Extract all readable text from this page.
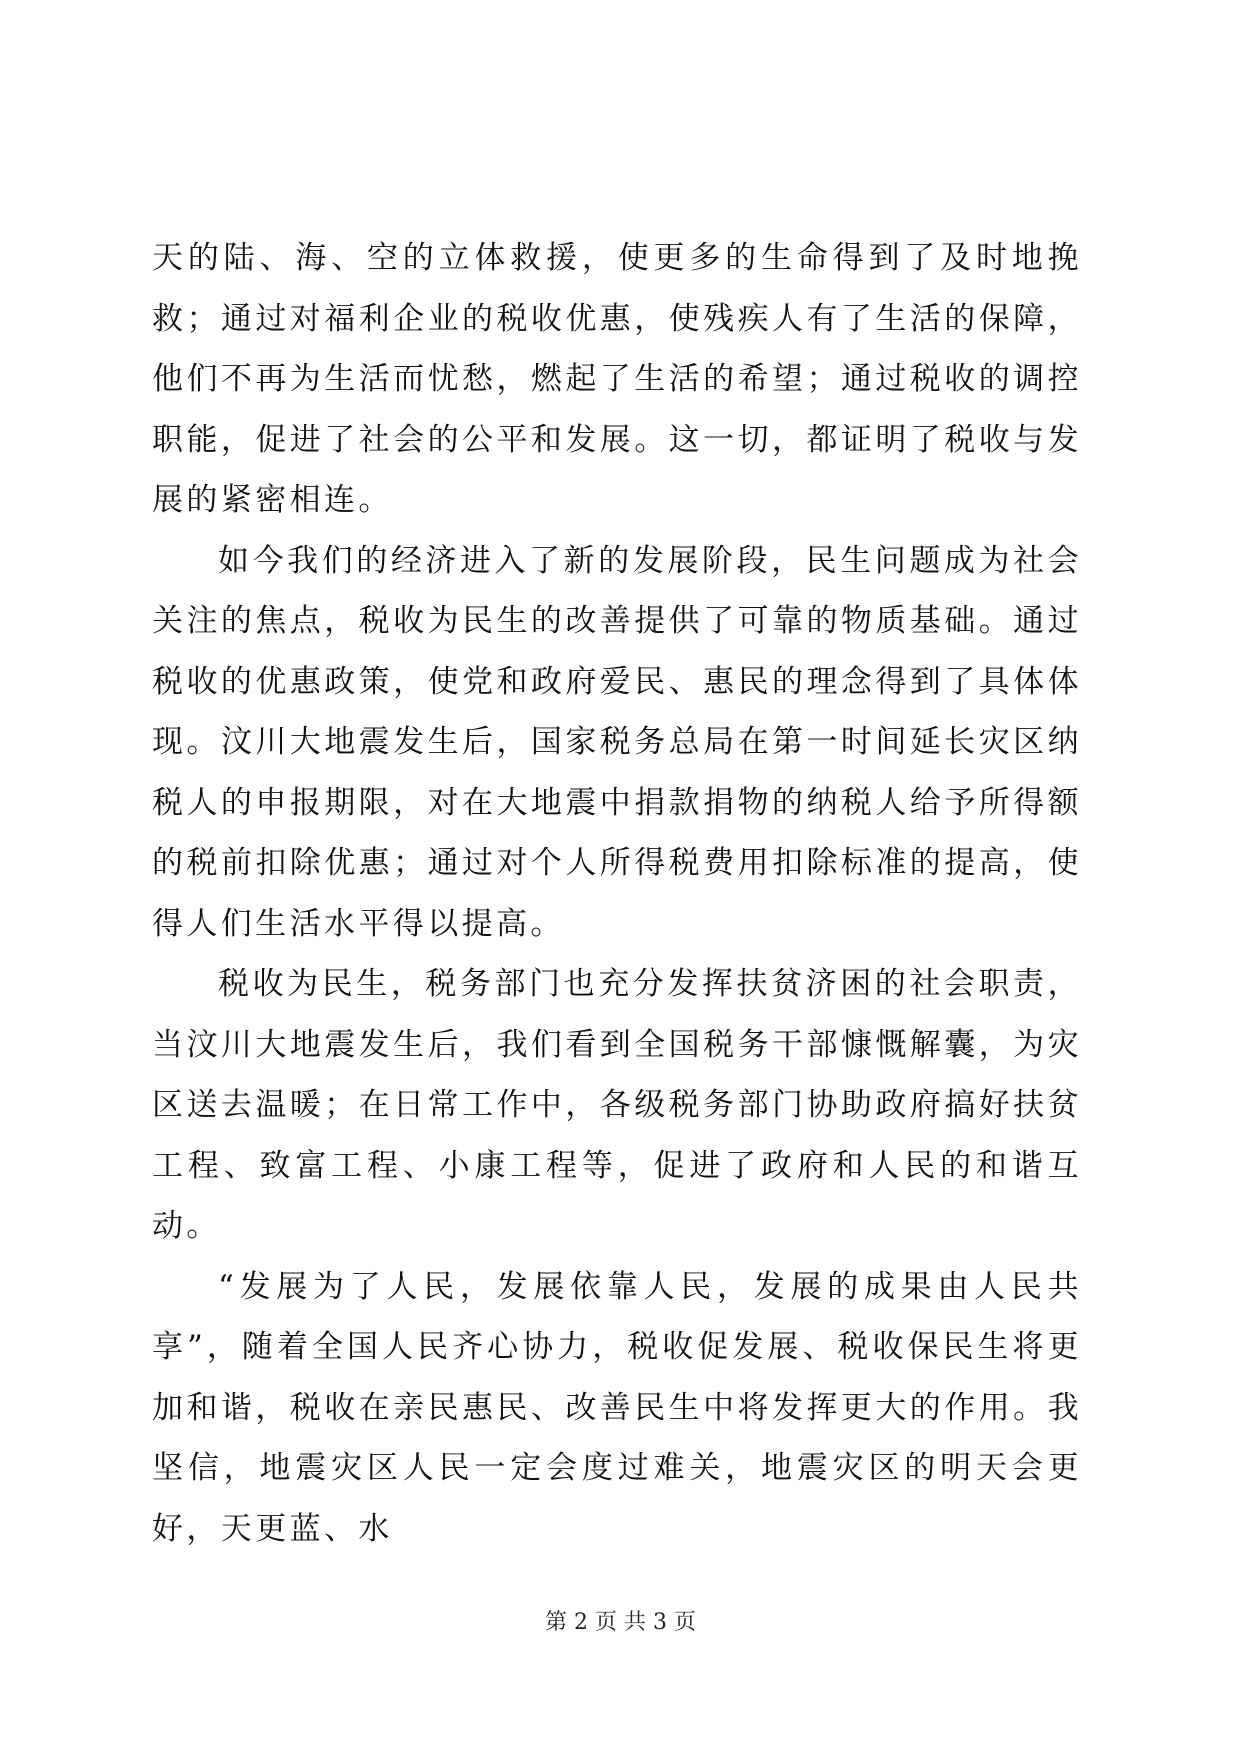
天的陆、海、空的立体救援，使更多的生命得到了及时地挽救；通过对福利企业的税收优惠，使残疾人有了生活的保障，他们不再为生活而忧愁，燃起了生活的希望；通过税收的调控职能，促进了社会的公平和发展。这一切，都证明了税收与发展的紧密相连。

如今我们的经济进入了新的发展阶段，民生问题成为社会关注的焦点，税收为民生的改善提供了可靠的物质基础。通过税收的优惠政策，使党和政府爱民、惠民的理念得到了具体体现。汶川大地震发生后，国家税务总局在第一时间延长灾区纳税人的申报期限，对在大地震中捐款捐物的纳税人给予所得额的税前扣除优惠；通过对个人所得税费用扣除标准的提高，使得人们生活水平得以提高。

税收为民生，税务部门也充分发挥扶贫济困的社会职责，当汶川大地震发生后，我们看到全国税务干部慷慨解囊，为灾区送去温暖；在日常工作中，各级税务部门协助政府搞好扶贫工程、致富工程、小康工程等，促进了政府和人民的和谐互动。

“发展为了人民，发展依靠人民，发展的成果由人民共享”，随着全国人民齐心协力，税收促发展、税收保民生将更加和谐，税收在亲民惠民、改善民生中将发挥更大的作用。我坚信，地震灾区人民一定会度过难关，地震灾区的明天会更好，天更蓝、水

第 2 页 共 3 页
